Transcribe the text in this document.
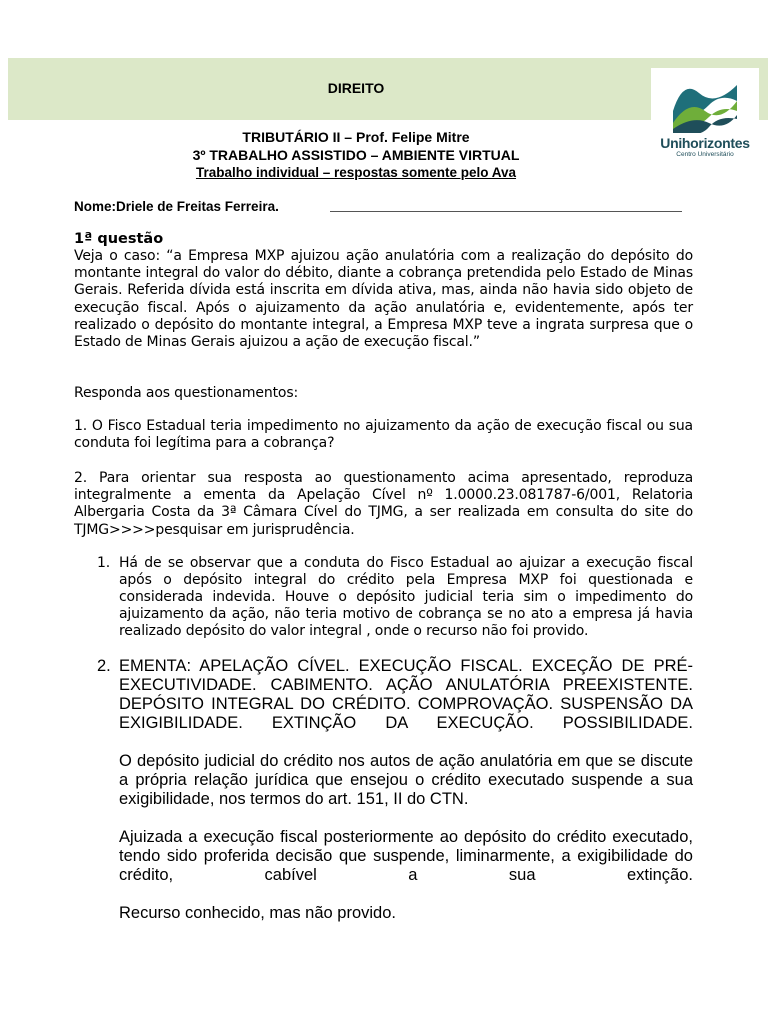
DIREITO
Unihorizontes
Centro Universitário
TRIBUTÁRIO II – Prof. Felipe Mitre
3º TRABALHO ASSISTIDO – AMBIENTE VIRTUAL
Trabalho individual – respostas somente pelo Ava
Nome:Driele de Freitas Ferreira.
1ª questão

Veja o caso: “a Empresa MXP ajuizou ação anulatória com a realização do depósito do montante integral do valor do débito, diante a cobrança pretendida pelo Estado de Minas Gerais. Referida dívida está inscrita em dívida ativa, mas, ainda não havia sido objeto de execução fiscal. Após o ajuizamento da ação anulatória e, evidentemente, após ter realizado o depósito do montante integral, a Empresa MXP teve a ingrata surpresa que o Estado de Minas Gerais ajuizou a ação de execução fiscal.”

Responda aos questionamentos:

1. O Fisco Estadual teria impedimento no ajuizamento da ação de execução fiscal ou sua conduta foi legítima para a cobrança?

2. Para orientar sua resposta ao questionamento acima apresentado, reproduza integralmente a ementa da Apelação Cível nº 1.0000.23.081787-6/001, Relatoria Albergaria Costa da 3ª Câmara Cível do TJMG, a ser realizada em consulta do site do TJMG>>>>pesquisar em jurisprudência.

1. Há de se observar que a conduta do Fisco Estadual ao ajuizar a execução fiscal após o depósito integral do crédito pela Empresa MXP foi questionada e considerada indevida. Houve o depósito judicial teria sim o impedimento do ajuizamento da ação, não teria motivo de cobrança se no ato a empresa já havia realizado depósito do valor integral , onde o recurso não foi provido.

2. EMENTA: APELAÇÃO CÍVEL. EXECUÇÃO FISCAL. EXCEÇÃO DE PRÉ-EXECUTIVIDADE. CABIMENTO. AÇÃO ANULATÓRIA PREEXISTENTE. DEPÓSITO INTEGRAL DO CRÉDITO. COMPROVAÇÃO. SUSPENSÃO DA EXIGIBILIDADE. EXTINÇÃO DA EXECUÇÃO. POSSIBILIDADE.

O depósito judicial do crédito nos autos de ação anulatória em que se discute a própria relação jurídica que ensejou o crédito executado suspende a sua exigibilidade, nos termos do art. 151, II do CTN.

Ajuizada a execução fiscal posteriormente ao depósito do crédito executado, tendo sido proferida decisão que suspende, liminarmente, a exigibilidade do crédito, cabível a sua extinção.

Recurso conhecido, mas não provido.
